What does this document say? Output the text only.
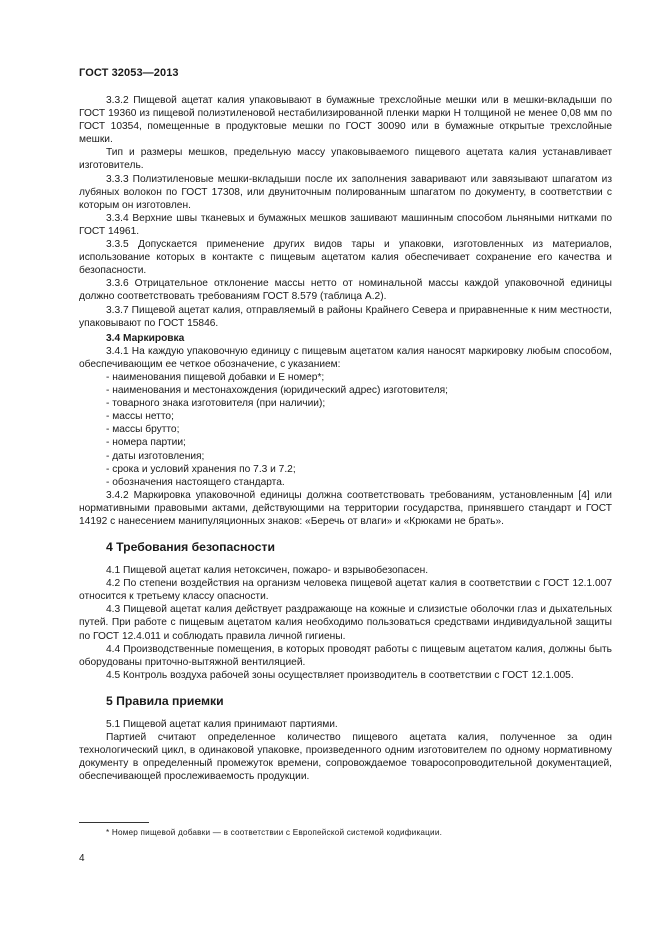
ГОСТ 32053—2013

3.3.2 Пищевой ацетат калия упаковывают в бумажные трехслойные мешки или в мешки-вкладыши по ГОСТ 19360 из пищевой полиэтиленовой нестабилизированной пленки марки Н толщиной не менее 0,08 мм по ГОСТ 10354, помещенные в продуктовые мешки по ГОСТ 30090 или в бумажные открытые трехслойные мешки.

Тип и размеры мешков, предельную массу упаковываемого пищевого ацетата калия устанавливает изготовитель.

3.3.3 Полиэтиленовые мешки-вкладыши после их заполнения заваривают или завязывают шпагатом из лубяных волокон по ГОСТ 17308, или двуниточным полированным шпагатом по документу, в соответствии с которым он изготовлен.

3.3.4 Верхние швы тканевых и бумажных мешков зашивают машинным способом льняными нитками по ГОСТ 14961.

3.3.5 Допускается применение других видов тары и упаковки, изготовленных из материалов, использование которых в контакте с пищевым ацетатом калия обеспечивает сохранение его качества и безопасности.

3.3.6 Отрицательное отклонение массы нетто от номинальной массы каждой упаковочной единицы должно соответствовать требованиям ГОСТ 8.579 (таблица А.2).

3.3.7 Пищевой ацетат калия, отправляемый в районы Крайнего Севера и приравненные к ним местности, упаковывают по ГОСТ 15846.

3.4 Маркировка

3.4.1 На каждую упаковочную единицу с пищевым ацетатом калия наносят маркировку любым способом, обеспечивающим ее четкое обозначение, с указанием:

- наименования пищевой добавки и Е номер*;

- наименования и местонахождения (юридический адрес) изготовителя;

- товарного знака изготовителя (при наличии);

- массы нетто;

- массы брутто;

- номера партии;

- даты изготовления;

- срока и условий хранения по 7.3 и 7.2;

- обозначения настоящего стандарта.

3.4.2 Маркировка упаковочной единицы должна соответствовать требованиям, установленным [4] или нормативными правовыми актами, действующими на территории государства, принявшего стандарт и ГОСТ 14192 с нанесением манипуляционных знаков: «Беречь от влаги» и «Крюками не брать».

4 Требования безопасности

4.1 Пищевой ацетат калия нетоксичен, пожаро- и взрывобезопасен.

4.2 По степени воздействия на организм человека пищевой ацетат калия в соответствии с ГОСТ 12.1.007 относится к третьему классу опасности.

4.3 Пищевой ацетат калия действует раздражающе на кожные и слизистые оболочки глаз и дыхательных путей. При работе с пищевым ацетатом калия необходимо пользоваться средствами индивидуальной защиты по ГОСТ 12.4.011 и соблюдать правила личной гигиены.

4.4 Производственные помещения, в которых проводят работы с пищевым ацетатом калия, должны быть оборудованы приточно-вытяжной вентиляцией.

4.5 Контроль воздуха рабочей зоны осуществляет производитель в соответствии с ГОСТ 12.1.005.

5 Правила приемки

5.1 Пищевой ацетат калия принимают партиями.

Партией считают определенное количество пищевого ацетата калия, полученное за один технологический цикл, в одинаковой упаковке, произведенного одним изготовителем по одному нормативному документу в определенный промежуток времени, сопровождаемое товаросопроводительной документацией, обеспечивающей прослеживаемость продукции.

* Номер пищевой добавки — в соответствии с Европейской системой кодификации.
4
